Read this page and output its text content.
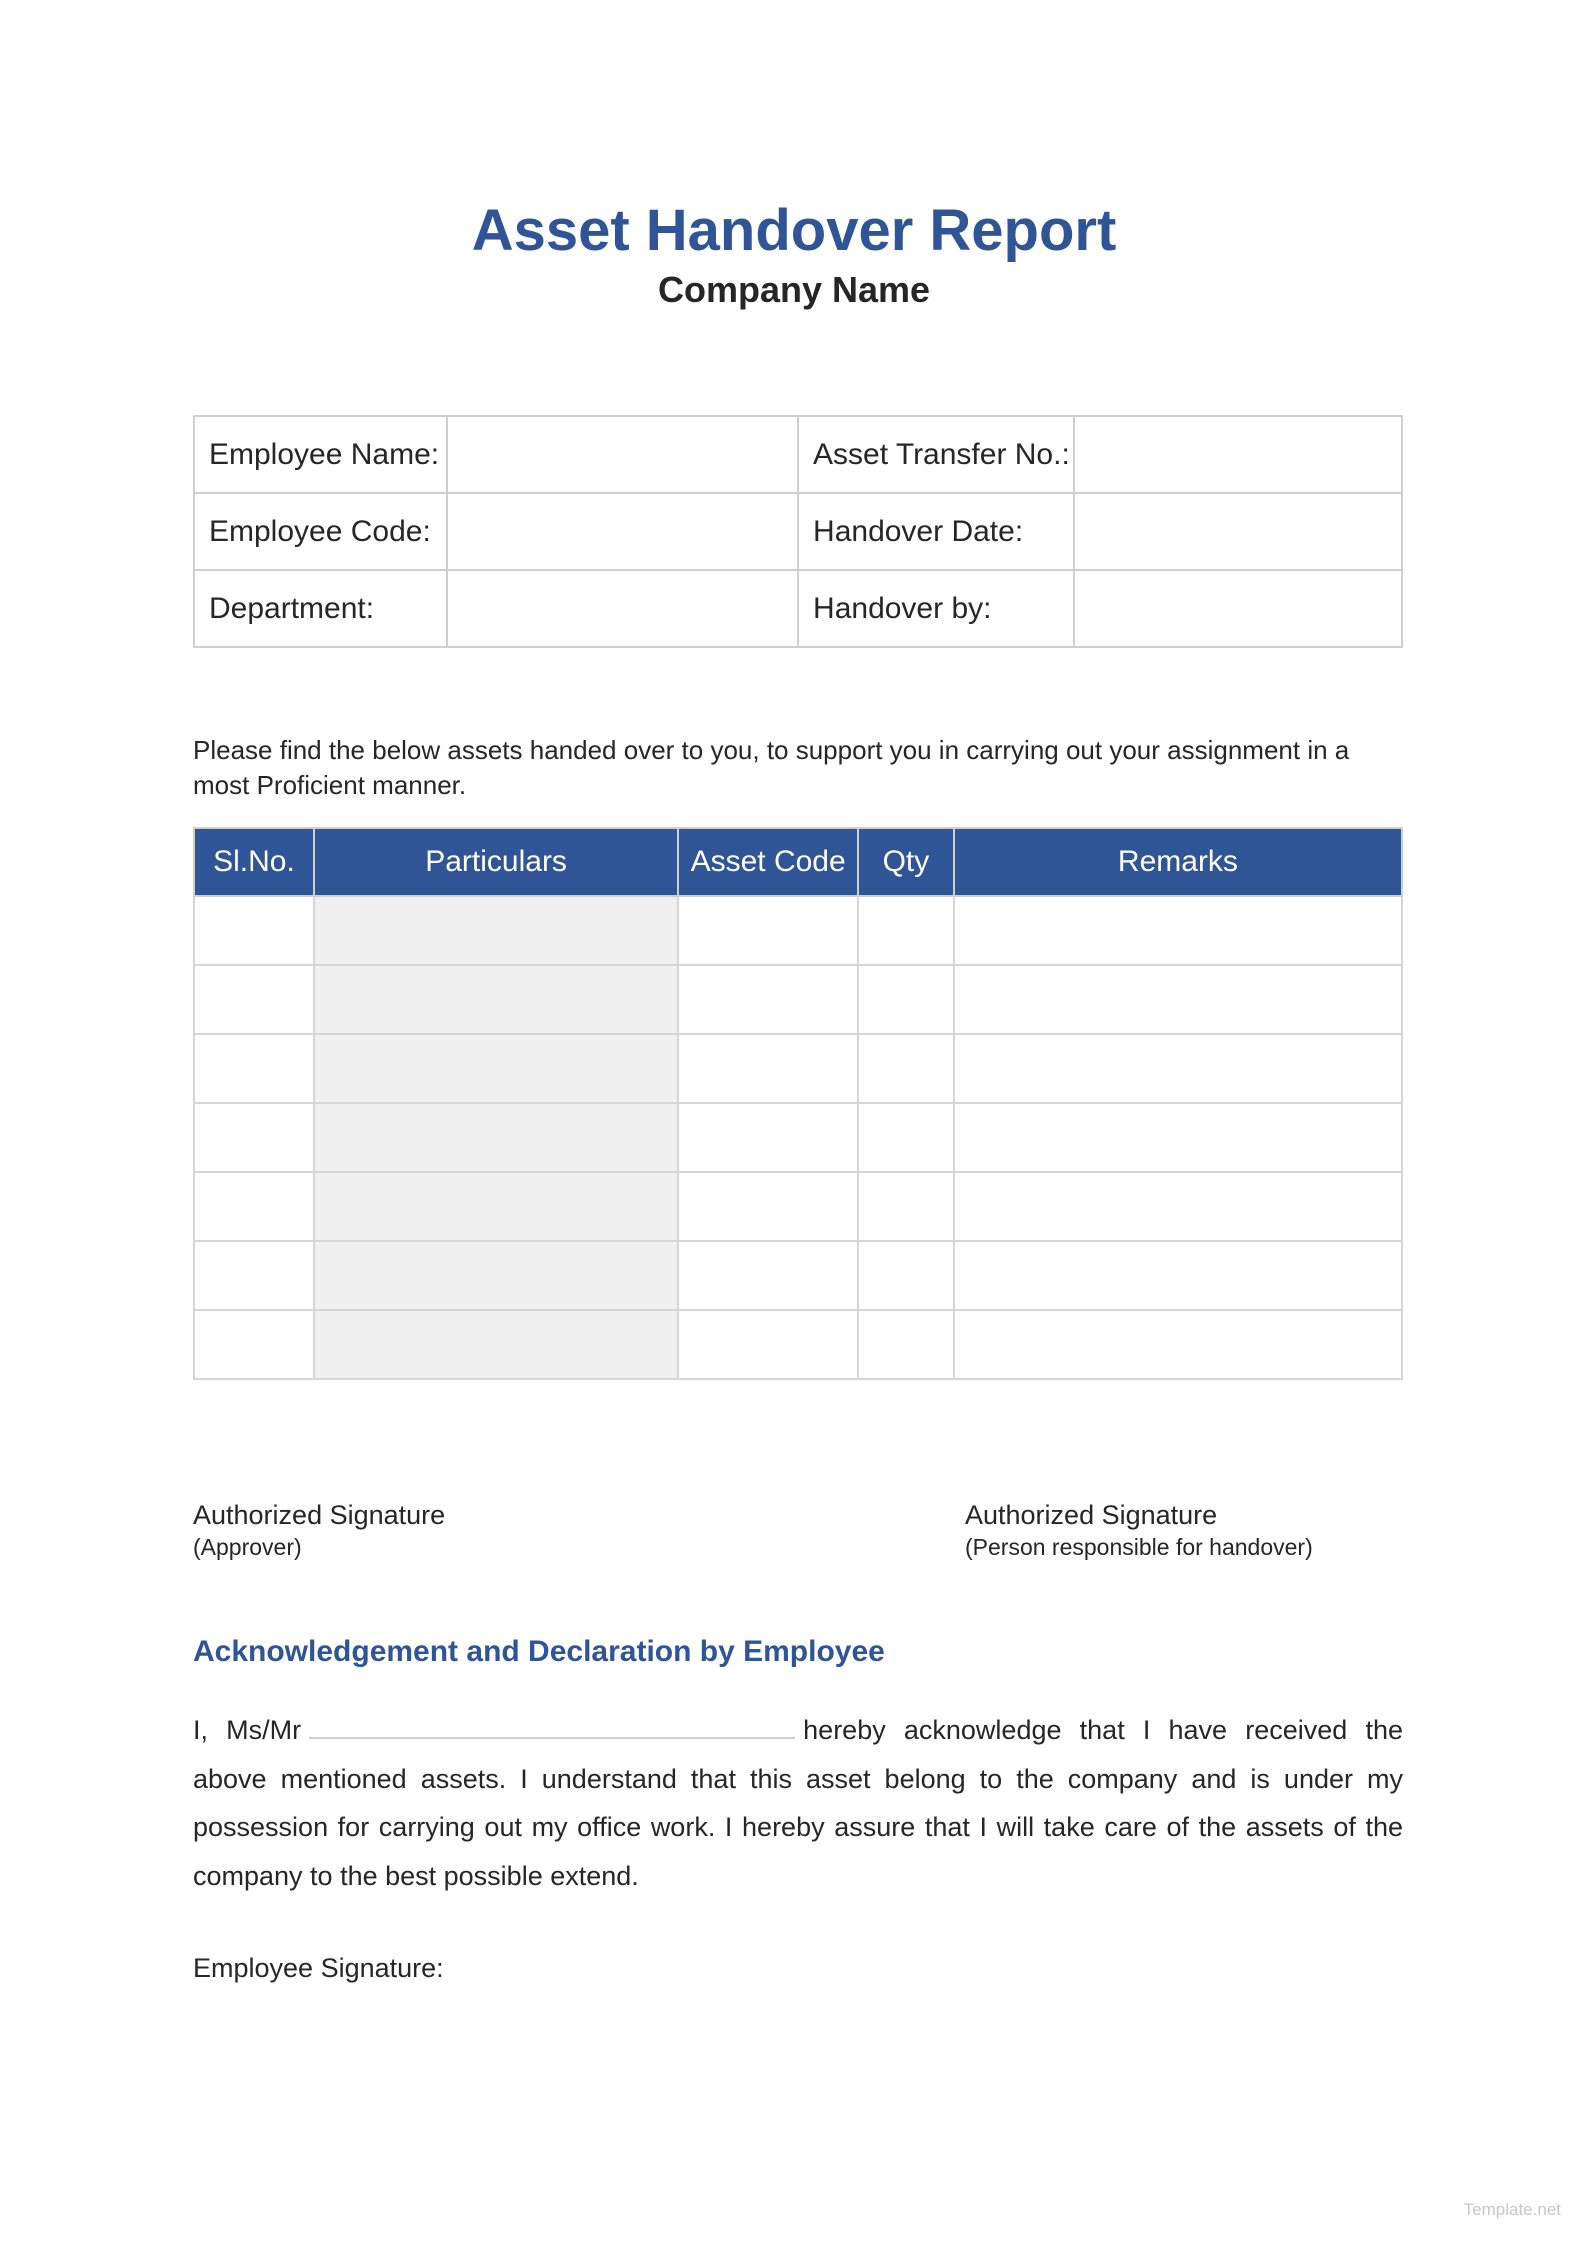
Asset Handover Report
Company Name
Employee Name:		Asset Transfer No.:	
Employee Code:		Handover Date:	
Department:		Handover by:	
Please find the below assets handed over to you, to support you in carrying out your assignment in a most Proficient manner.
Sl.No.	Particulars	Asset Code	Qty	Remarks

Authorized Signature
(Approver)
Authorized Signature
(Person responsible for handover)
Acknowledgement and Declaration by Employee
I, Ms/Mr	hereby acknowledge that I have received the above mentioned assets. I understand that this asset belong to the company and is under my possession for carrying out my office work. I hereby assure that I will take care of the assets of the company to the best possible extend.
Employee Signature:
Template.net
